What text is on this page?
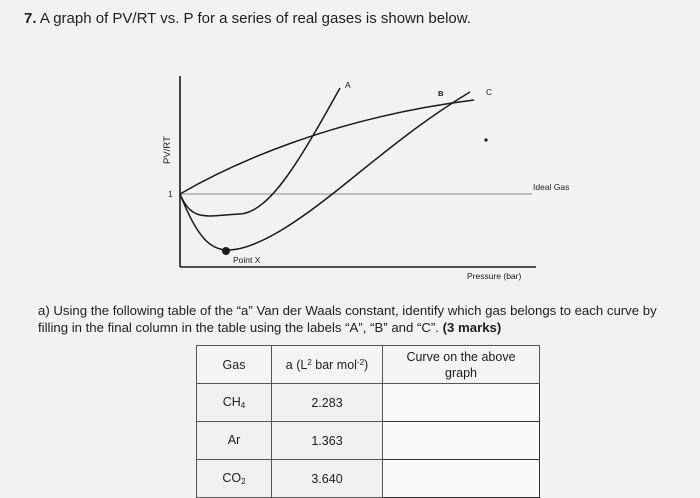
7. A graph of PV/RT vs. P for a series of real gases is shown below.
PV/RT
1
Point X
Ideal Gas
Pressure (bar)
A
B	C
a) Using the following table of the “a” Van der Waals constant, identify which gas belongs to each curve by filling in the final column in the table using the labels “A”, “B” and “C”. (3 marks)
Gas	a ($L^2$ bar mol$^{-2}$)	Curve on the above
graph

$CH_4$	2.283	
Ar	1.363	
$CO_2$	3.640	
